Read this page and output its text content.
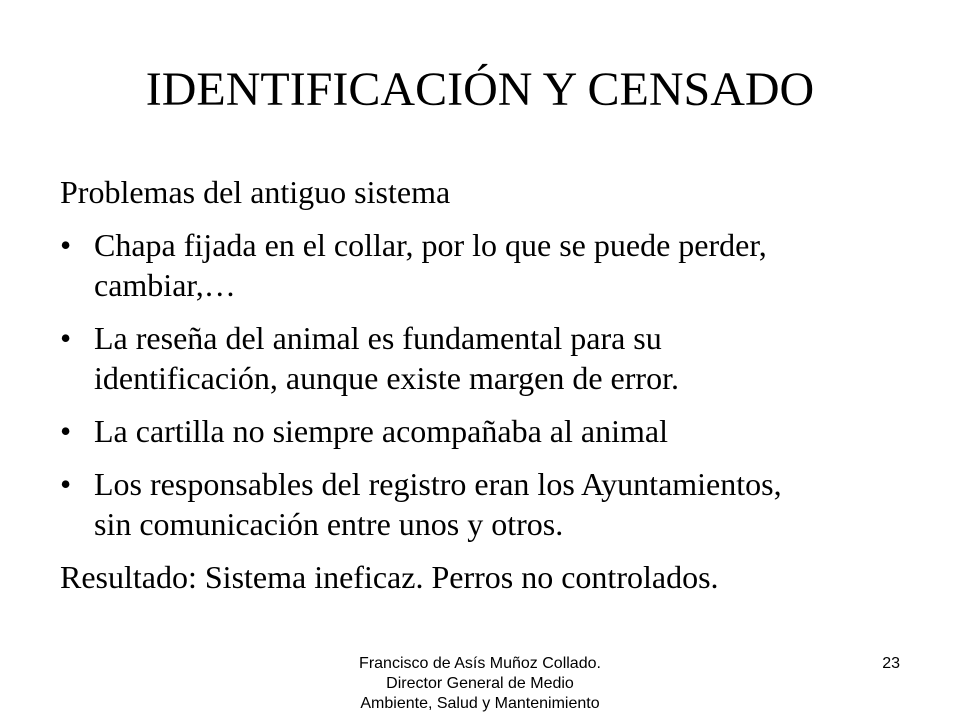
IDENTIFICACIÓN Y CENSADO

Problemas del antiguo sistema

• Chapa fijada en el collar, por lo que se puede perder,
cambiar,…
• La reseña del animal es fundamental para su
identificación, aunque existe margen de error.
• La cartilla no siempre acompañaba al animal
• Los responsables del registro eran los Ayuntamientos,
sin comunicación entre unos y otros.

Resultado: Sistema ineficaz. Perros no controlados.

Francisco de Asís Muñoz Collado.
Director General de Medio
Ambiente, Salud y Mantenimiento
23
